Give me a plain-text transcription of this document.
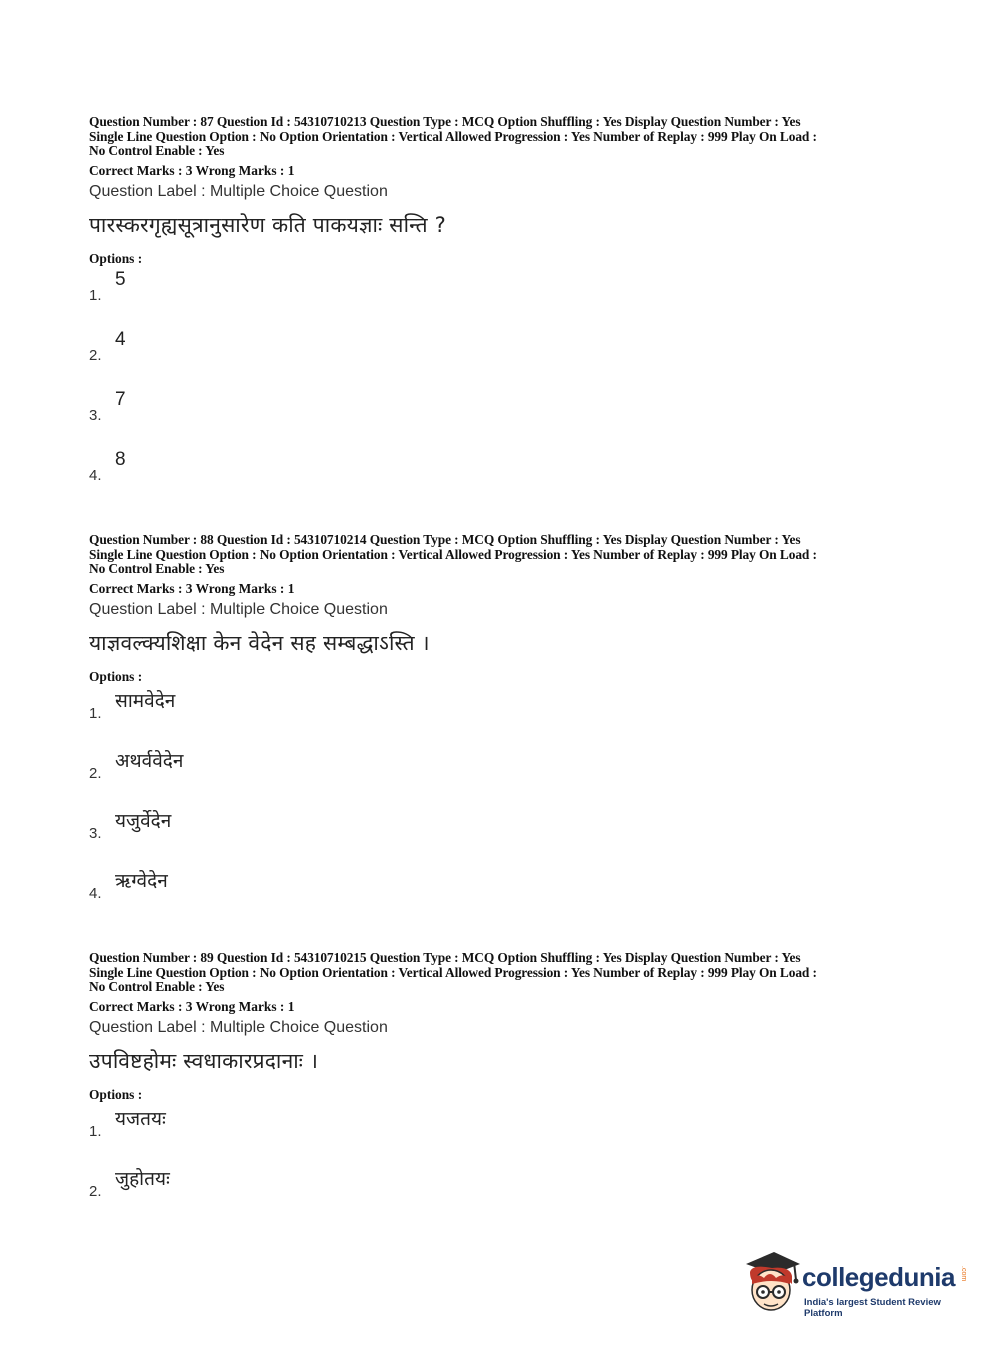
Question Number : 87 Question Id : 54310710213 Question Type : MCQ Option Shuffling : Yes Display Question Number : Yes
Single Line Question Option : No Option Orientation : Vertical Allowed Progression : Yes Number of Replay : 999 Play On Load :
No Control Enable : Yes

Correct Marks : 3 Wrong Marks : 1
Question Label : Multiple Choice Question
पारस्करगृह्यसूत्रानुसारेण कति पाकयज्ञाः सन्ति ?
Options :
1.
5
2.
4
3.
7
4.
8

Question Number : 88 Question Id : 54310710214 Question Type : MCQ Option Shuffling : Yes Display Question Number : Yes
Single Line Question Option : No Option Orientation : Vertical Allowed Progression : Yes Number of Replay : 999 Play On Load :
No Control Enable : Yes

Correct Marks : 3 Wrong Marks : 1
Question Label : Multiple Choice Question
याज्ञवल्क्यशिक्षा केन वेदेन सह सम्बद्धाऽस्ति ।
Options :
1.
सामवेदेन
2.
अथर्ववेदेन
3.
यजुर्वेदेन
4.
ऋग्वेदेन

Question Number : 89 Question Id : 54310710215 Question Type : MCQ Option Shuffling : Yes Display Question Number : Yes
Single Line Question Option : No Option Orientation : Vertical Allowed Progression : Yes Number of Replay : 999 Play On Load :
No Control Enable : Yes

Correct Marks : 3 Wrong Marks : 1
Question Label : Multiple Choice Question
उपविष्टहोमः स्वधाकारप्रदानाः ।
Options :
1.
यजतयः
2.
जुहोतयः
collegedunia .com
India's largest Student Review Platform
